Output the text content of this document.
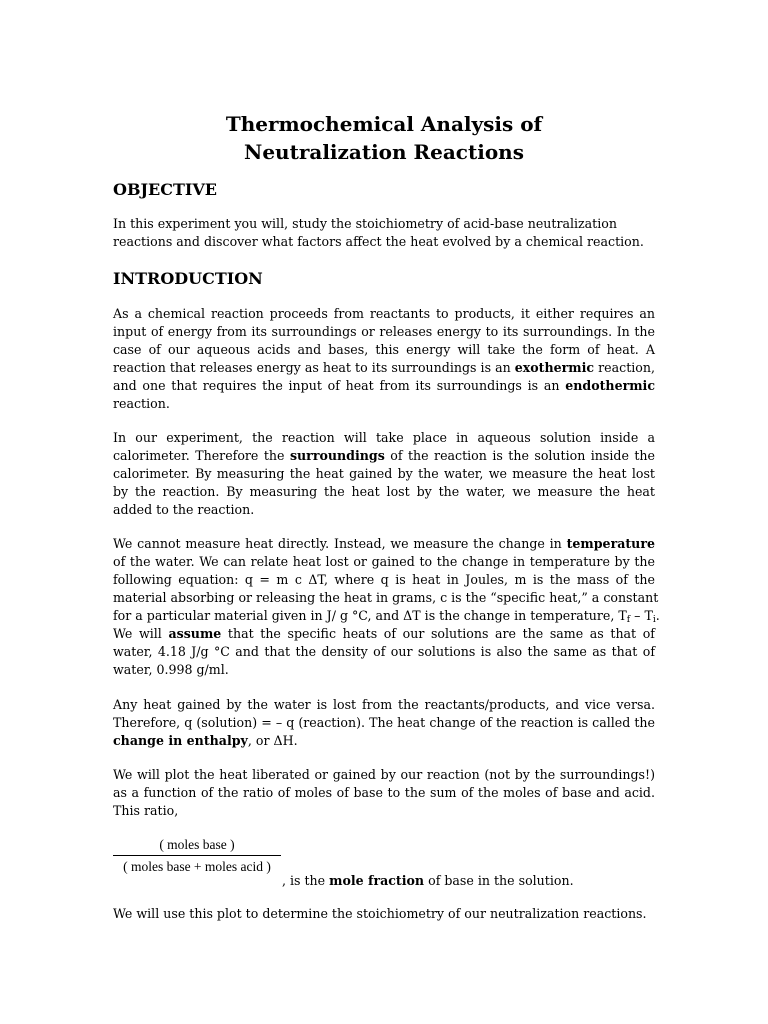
Thermochemical Analysis of
Neutralization Reactions
OBJECTIVE
In this experiment you will, study the stoichiometry of acid-base neutralization
reactions and discover what factors affect the heat evolved by a chemical reaction.
INTRODUCTION
As a chemical reaction proceeds from reactants to products, it either requires an
input of energy from its surroundings or releases energy to its surroundings. In the
case of our aqueous acids and bases, this energy will take the form of heat. A
reaction that releases energy as heat to its surroundings is an exothermic reaction,
and one that requires the input of heat from its surroundings is an endothermic
reaction.
In our experiment, the reaction will take place in aqueous solution inside a
calorimeter. Therefore the surroundings of the reaction is the solution inside the
calorimeter. By measuring the heat gained by the water, we measure the heat lost
by the reaction. By measuring the heat lost by the water, we measure the heat
added to the reaction.
We cannot measure heat directly. Instead, we measure the change in temperature
of the water. We can relate heat lost or gained to the change in temperature by the
following equation: q = m c ΔT, where q is heat in Joules, m is the mass of the
material absorbing or releasing the heat in grams, c is the “specific heat,” a constant
for a particular material given in J/ g °C, and ΔT is the change in temperature, $T_f - T_i$.
We will assume that the specific heats of our solutions are the same as that of
water, 4.18 J/g °C and that the density of our solutions is also the same as that of
water, 0.998 g/ml.
Any heat gained by the water is lost from the reactants/products, and vice versa.
Therefore, q (solution) = – q (reaction). The heat change of the reaction is called the
change in enthalpy, or ΔH.
We will plot the heat liberated or gained by our reaction (not by the surroundings!)
as a function of the ratio of moles of base to the sum of the moles of base and acid.
This ratio,
( moles base )
( moles base + moles acid )
, is the mole fraction of base in the solution.
We will use this plot to determine the stoichiometry of our neutralization reactions.
